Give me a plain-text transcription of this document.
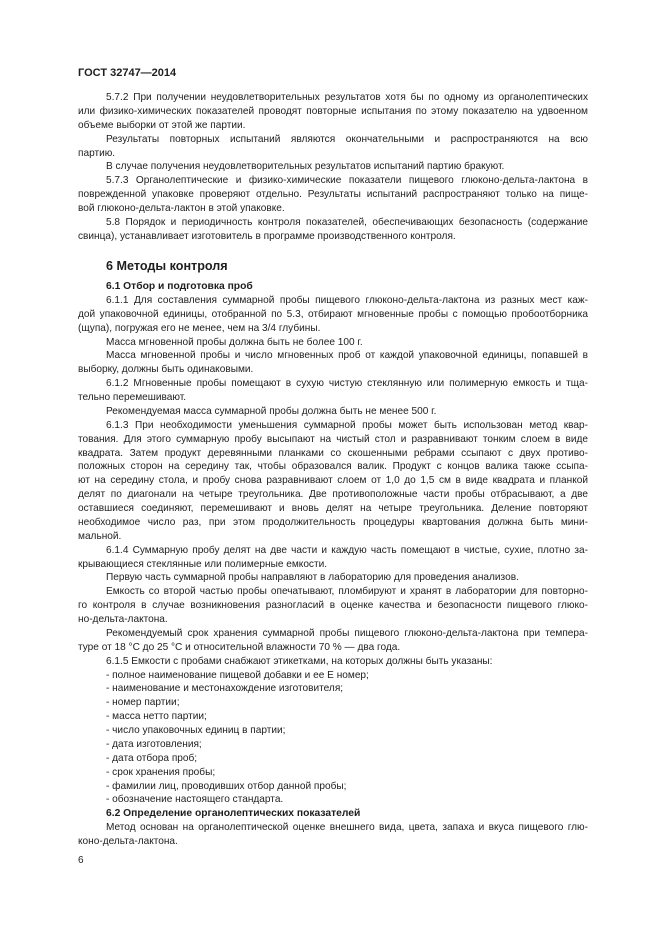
ГОСТ 32747—2014
5.7.2 При получении неудовлетворительных результатов хотя бы по одному из органолептических
или физико-химических показателей проводят повторные испытания по этому показателю на удвоенном
объеме выборки от этой же партии.
Результаты повторных испытаний являются окончательными и распространяются на всю
партию.
В случае получения неудовлетворительных результатов испытаний партию бракуют.
5.7.3 Органолептические и физико-химические показатели пищевого глюконо-дельта-лактона в
поврежденной упаковке проверяют отдельно. Результаты испытаний распространяют только на пище-
вой глюконо-дельта-лактон в этой упаковке.
5.8 Порядок и периодичность контроля показателей, обеспечивающих безопасность (содержание
свинца), устанавливает изготовитель в программе производственного контроля.
6 Методы контроля
6.1 Отбор и подготовка проб
6.1.1 Для составления суммарной пробы пищевого глюконо-дельта-лактона из разных мест каж-
дой упаковочной единицы, отобранной по 5.3, отбирают мгновенные пробы с помощью пробоотборника
(щупа), погружая его не менее, чем на 3/4 глубины.
Масса мгновенной пробы должна быть не более 100 г.
Масса мгновенной пробы и число мгновенных проб от каждой упаковочной единицы, попавшей в
выборку, должны быть одинаковыми.
6.1.2 Мгновенные пробы помещают в сухую чистую стеклянную или полимерную емкость и тща-
тельно перемешивают.
Рекомендуемая масса суммарной пробы должна быть не менее 500 г.
6.1.3 При необходимости уменьшения суммарной пробы может быть использован метод квар-
тования. Для этого суммарную пробу высыпают на чистый стол и разравнивают тонким слоем в виде
квадрата. Затем продукт деревянными планками со скошенными ребрами ссыпают с двух противо-
положных сторон на середину так, чтобы образовался валик. Продукт с концов валика также ссыпа-
ют на середину стола, и пробу снова разравнивают слоем от 1,0 до 1,5 см в виде квадрата и планкой
делят по диагонали на четыре треугольника. Две противоположные части пробы отбрасывают, а две
оставшиеся соединяют, перемешивают и вновь делят на четыре треугольника. Деление повторяют
необходимое число раз, при этом продолжительность процедуры квартования должна быть мини-
мальной.
6.1.4 Суммарную пробу делят на две части и каждую часть помещают в чистые, сухие, плотно за-
крывающиеся стеклянные или полимерные емкости.
Первую часть суммарной пробы направляют в лабораторию для проведения анализов.
Емкость со второй частью пробы опечатывают, пломбируют и хранят в лаборатории для повторно-
го контроля в случае возникновения разногласий в оценке качества и безопасности пищевого глюко-
но-дельта-лактона.
Рекомендуемый срок хранения суммарной пробы пищевого глюконо-дельта-лактона при темпера-
туре от 18 °С до 25 °С и относительной влажности 70 % — два года.
6.1.5 Емкости с пробами снабжают этикетками, на которых должны быть указаны:
- полное наименование пищевой добавки и ее Е номер;
- наименование и местонахождение изготовителя;
- номер партии;
- масса нетто партии;
- число упаковочных единиц в партии;
- дата изготовления;
- дата отбора проб;
- срок хранения пробы;
- фамилии лиц, проводивших отбор данной пробы;
- обозначение настоящего стандарта.
6.2 Определение органолептических показателей
Метод основан на органолептической оценке внешнего вида, цвета, запаха и вкуса пищевого глю-
коно-дельта-лактона.
6
